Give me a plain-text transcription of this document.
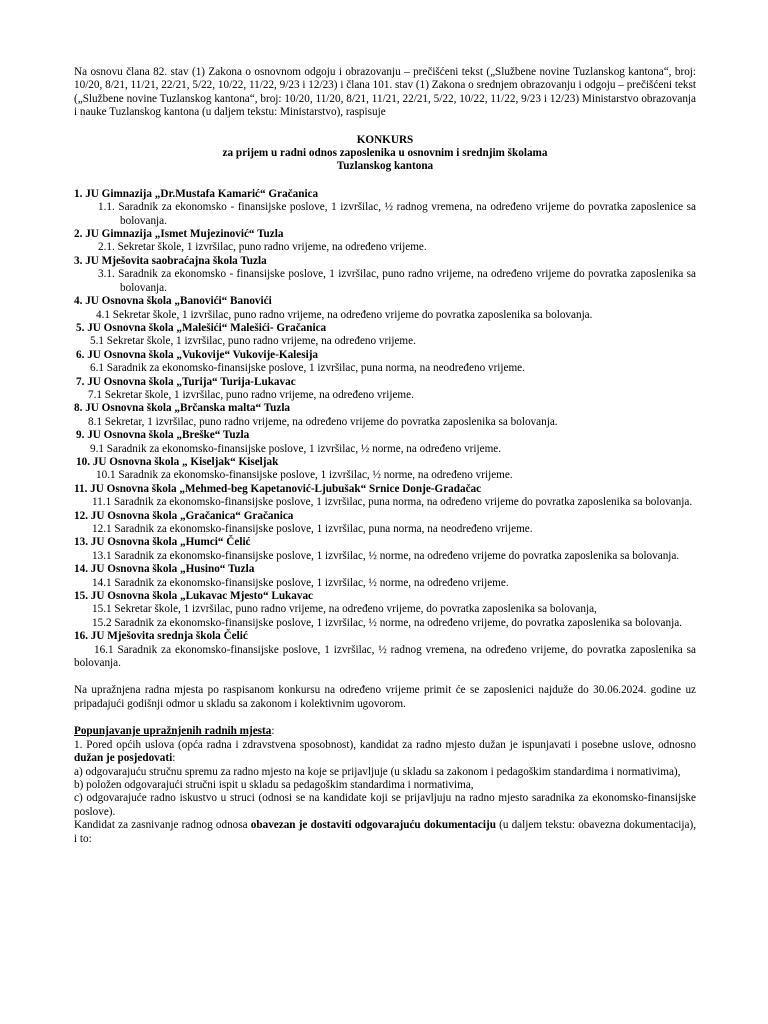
Na osnovu člana 82. stav (1) Zakona o osnovnom odgoju i obrazovanju – prečišćeni tekst („Službene novine Tuzlanskog kantona“, broj: 10/20, 8/21, 11/21, 22/21, 5/22, 10/22, 11/22, 9/23 i 12/23) i člana 101. stav (1) Zakona o srednjem obrazovanju i odgoju – prečišćeni tekst („Službene novine Tuzlanskog kantona“, broj: 10/20, 11/20, 8/21, 11/21, 22/21, 5/22, 10/22, 11/22, 9/23 i 12/23) Ministarstvo obrazovanja i nauke Tuzlanskog kantona (u daljem tekstu: Ministarstvo), raspisuje

KONKURS
za prijem u radni odnos zaposlenika u osnovnim i srednjim školama
Tuzlanskog kantona
1. JU Gimnazija „Dr.Mustafa Kamarić“ Gračanica

1.1. Saradnik za ekonomsko - finansijske poslove, 1 izvršilac, ½ radnog vremena, na određeno vrijeme do povratka zaposlenice sa bolovanja.

2. JU Gimnazija „Ismet Mujezinović“ Tuzla

2.1. Sekretar škole, 1 izvršilac, puno radno vrijeme, na određeno vrijeme.

3. JU Mješovita saobraćajna škola Tuzla

3.1. Saradnik za ekonomsko - finansijske poslove, 1 izvršilac, puno radno vrijeme, na određeno vrijeme do povratka zaposlenika sa bolovanja.

4. JU Osnovna škola „Banovići“ Banovići

4.1 Sekretar škole, 1 izvršilac, puno radno vrijeme, na određeno vrijeme do povratka zaposlenika sa bolovanja.

5. JU Osnovna škola „Malešići“ Malešići- Gračanica

5.1 Sekretar škole, 1 izvršilac, puno radno vrijeme, na određeno vrijeme.

6. JU Osnovna škola „Vukovije“ Vukovije-Kalesija

6.1 Saradnik za ekonomsko-finansijske poslove, 1 izvršilac, puna norma, na neodređeno vrijeme.

7. JU Osnovna škola „Turija“ Turija-Lukavac

7.1 Sekretar škole, 1 izvršilac, puno radno vrijeme, na određeno vrijeme.

8. JU Osnovna škola „Brčanska malta“ Tuzla

8.1 Sekretar, 1 izvršilac, puno radno vrijeme, na određeno vrijeme do povratka zaposlenika sa bolovanja.

9. JU Osnovna škola „Breške“ Tuzla

9.1 Saradnik za ekonomsko-finansijske poslove, 1 izvršilac, ½ norme, na određeno vrijeme.

10. JU Osnovna škola „ Kiseljak“ Kiseljak

10.1 Saradnik za ekonomsko-finansijske poslove, 1 izvršilac, ½ norme, na određeno vrijeme.

11. JU Osnovna škola „Mehmed-beg Kapetanović-Ljubušak“ Srnice Donje-Gradačac

11.1 Saradnik za ekonomsko-finansijske poslove, 1 izvršilac, puna norma, na određeno vrijeme do povratka zaposlenika sa bolovanja.

12. JU Osnovna škola „Gračanica“ Gračanica

12.1 Saradnik za ekonomsko-finansijske poslove, 1 izvršilac, puna norma, na neodređeno vrijeme.

13. JU Osnovna škola „Humci“ Čelić

13.1 Saradnik za ekonomsko-finansijske poslove, 1 izvršilac, ½ norme, na određeno vrijeme do povratka zaposlenika sa bolovanja.

14. JU Osnovna škola „Husino“ Tuzla

14.1 Saradnik za ekonomsko-finansijske poslove, 1 izvršilac, ½ norme, na određeno vrijeme.

15. JU Osnovna škola „Lukavac Mjesto“ Lukavac

15.1 Sekretar škole, 1 izvršilac, puno radno vrijeme, na određeno vrijeme, do povratka zaposlenika sa bolovanja,

15.2 Saradnik za ekonomsko-finansijske poslove, 1 izvršilac, ½ norme, na određeno vrijeme, do povratka zaposlenika sa bolovanja.

16. JU Mješovita srednja škola Čelić

16.1 Saradnik za ekonomsko-finansijske poslove, 1 izvršilac, ½ radnog vremena, na određeno vrijeme, do povratka zaposlenika sa bolovanja.

Na upražnjena radna mjesta po raspisanom konkursu na određeno vrijeme primit će se zaposlenici najduže do 30.06.2024. godine uz pripadajući godišnji odmor u skladu sa zakonom i kolektivnim ugovorom.

Popunjavanje upražnjenih radnih mjesta:

1. Pored općih uslova (opća radna i zdravstvena sposobnost), kandidat za radno mjesto dužan je ispunjavati i posebne uslove, odnosno dužan je posjedovati:

a) odgovarajuću stručnu spremu za radno mjesto na koje se prijavljuje (u skladu sa zakonom i pedagoškim standardima i normativima),

b) položen odgovarajući stručni ispit u skladu sa pedagoškim standardima i normativima,

c) odgovarajuće radno iskustvo u struci (odnosi se na kandidate koji se prijavljuju na radno mjesto saradnika za ekonomsko-finansijske poslove).

Kandidat za zasnivanje radnog odnosa obavezan je dostaviti odgovarajuću dokumentaciju (u daljem tekstu: obavezna dokumentacija), i to:
